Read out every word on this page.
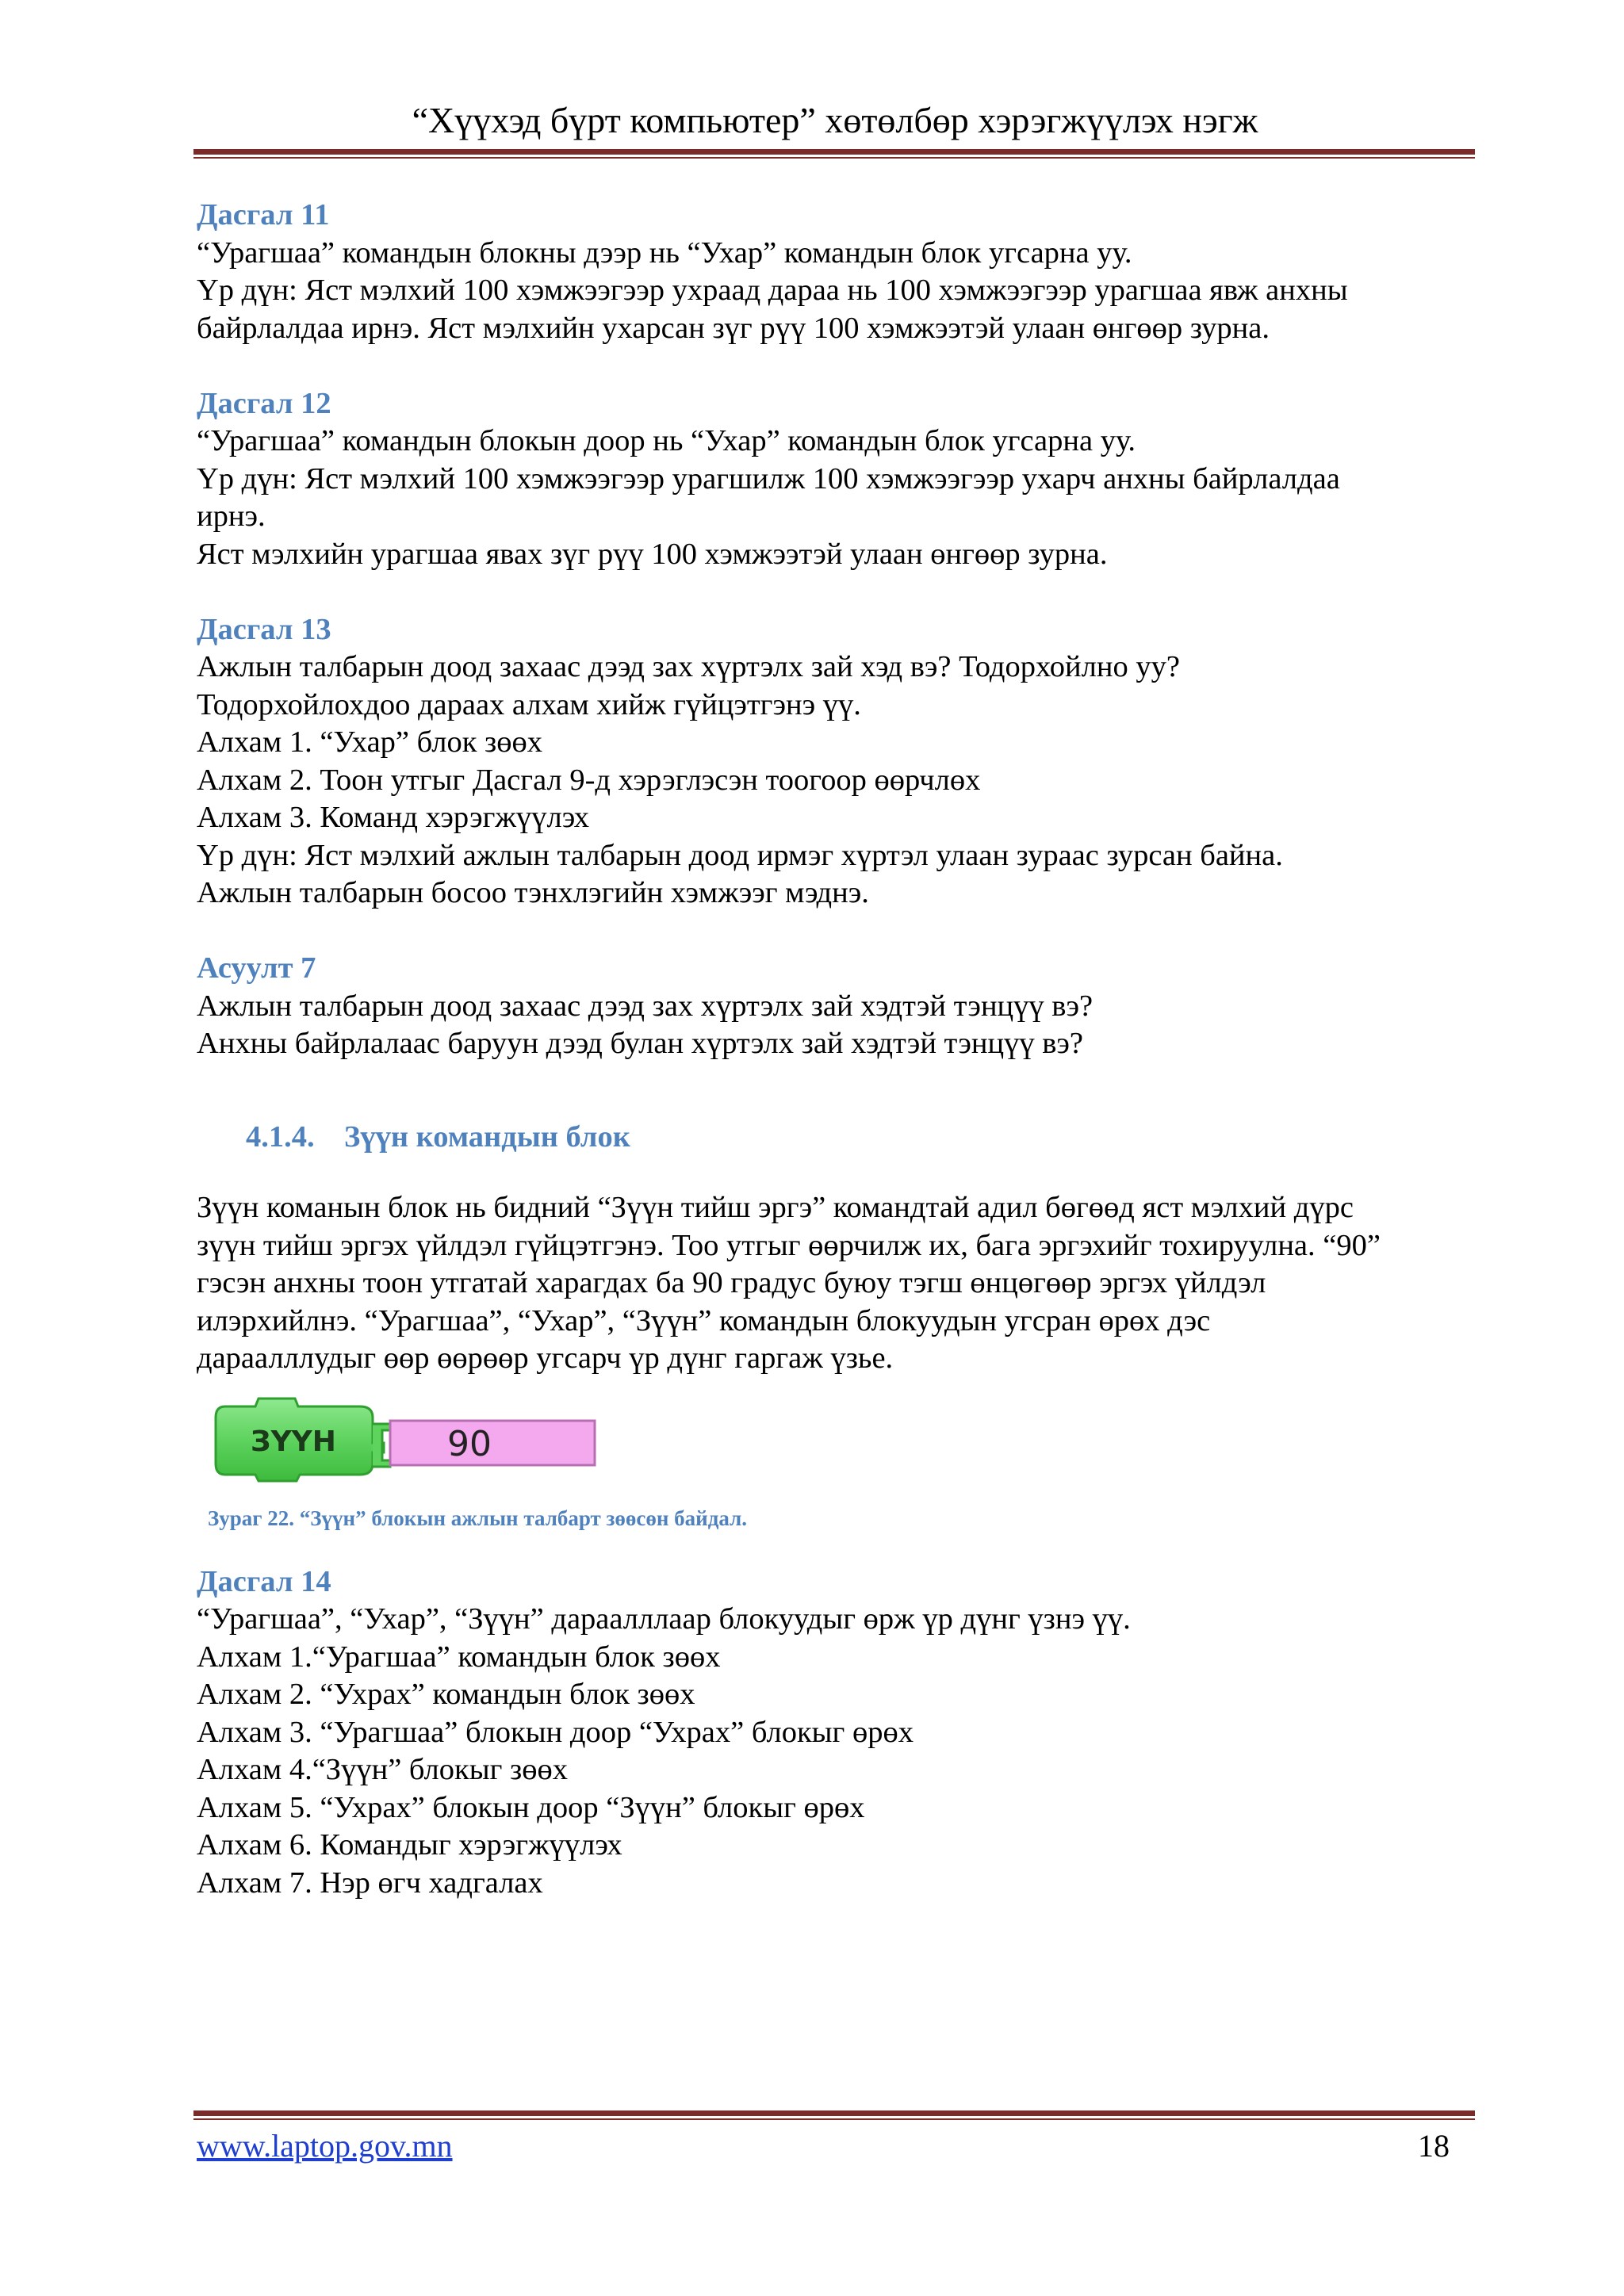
“Хүүхэд бүрт компьютер” хөтөлбөр хэрэгжүүлэх нэгж
Дасгал 11
“Урагшаа” командын блокны дээр нь “Ухар” командын блок угсарна уу.
Үр дүн: Яст мэлхий 100 хэмжээгээр ухраад дараа нь 100 хэмжээгээр урагшаа явж анхны
байрлалдаа ирнэ. Яст мэлхийн ухарсан зүг рүү 100 хэмжээтэй улаан өнгөөр зурна.
Дасгал 12
“Урагшаа” командын блокын доор нь “Ухар” командын блок угсарна уу.
Үр дүн: Яст мэлхий 100 хэмжээгээр урагшилж 100 хэмжээгээр ухарч анхны байрлалдаа
ирнэ.
Яст мэлхийн урагшаа явах зүг рүү 100 хэмжээтэй улаан өнгөөр зурна.
Дасгал 13
Ажлын талбарын доод захаас дээд зах хүртэлх зай хэд вэ? Тодорхойлно уу?
Тодорхойлохдоо дараах алхам хийж гүйцэтгэнэ үү.
Алхам 1. “Ухар” блок зөөх
Алхам 2. Тоон утгыг Дасгал 9-д хэрэглэсэн тоогоор өөрчлөх
Алхам 3. Команд хэрэгжүүлэх
Үр дүн: Яст мэлхий ажлын талбарын доод ирмэг хүртэл улаан зураас зурсан байна.
Ажлын талбарын босоо тэнхлэгийн хэмжээг мэднэ.
Асуулт 7
Ажлын талбарын доод захаас дээд зах хүртэлх зай хэдтэй тэнцүү вэ?
Анхны байрлалаас баруун дээд булан хүртэлх зай хэдтэй тэнцүү вэ?
4.1.4. Зүүн командын блок
Зүүн команын блок нь бидний “Зүүн тийш эргэ” командтай адил бөгөөд яст мэлхий дүрс
зүүн тийш эргэх үйлдэл гүйцэтгэнэ. Тоо утгыг өөрчилж их, бага эргэхийг тохируулна. “90”
гэсэн анхны тоон утгатай харагдах ба 90 градус буюу тэгш өнцөгөөр эргэх үйлдэл
илэрхийлнэ. “Урагшаа”, “Ухар”, “Зүүн” командын блокуудын угсран өрөх дэс
дараалллудыг өөр өөрөөр угсарч үр дүнг гаргаж үзье.
ЗҮҮН	90
Зураг 22. “Зүүн” блокын ажлын талбарт зөөсөн байдал.
Дасгал 14
“Урагшаа”, “Ухар”, “Зүүн” дараалллаар блокуудыг өрж үр дүнг үзнэ үү.
Алхам 1.“Урагшаа” командын блок зөөх
Алхам 2. “Ухрах” командын блок зөөх
Алхам 3. “Урагшаа” блокын доор “Ухрах” блокыг өрөх
Алхам 4.“Зүүн” блокыг зөөх
Алхам 5. “Ухрах” блокын доор “Зүүн” блокыг өрөх
Алхам 6. Командыг хэрэгжүүлэх
Алхам 7. Нэр өгч хадгалах
www.laptop.gov.mn	18
